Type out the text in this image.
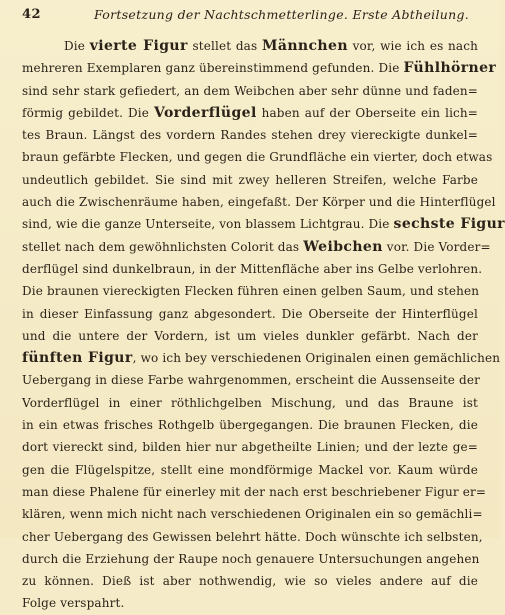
42	Fortsetzung der Nachtschmetterlinge. Erste Abtheilung.
Die vierte Figur stellet das Männchen vor, wie ich es nach
mehreren Exemplaren ganz übereinstimmend gefunden. Die Fühlhörner
sind sehr stark gefiedert, an dem Weibchen aber sehr dünne und faden=
förmig gebildet. Die Vorderflügel haben auf der Oberseite ein lich=
tes Braun. Längst des vordern Randes stehen drey viereckigte dunkel=
braun gefärbte Flecken, und gegen die Grundfläche ein vierter, doch etwas
undeutlich gebildet. Sie sind mit zwey helleren Streifen, welche Farbe
auch die Zwischenräume haben, eingefaßt. Der Körper und die Hinterflügel
sind, wie die ganze Unterseite, von blassem Lichtgrau. Die sechste Figur
stellet nach dem gewöhnlichsten Colorit das Weibchen vor. Die Vorder=
derflügel sind dunkelbraun, in der Mittenfläche aber ins Gelbe verlohren.
Die braunen viereckigten Flecken führen einen gelben Saum, und stehen
in dieser Einfassung ganz abgesondert. Die Oberseite der Hinterflügel
und die untere der Vordern, ist um vieles dunkler gefärbt. Nach der
fünften Figur, wo ich bey verschiedenen Originalen einen gemächlichen
Uebergang in diese Farbe wahrgenommen, erscheint die Aussenseite der
Vorderflügel in einer röthlichgelben Mischung, und das Braune ist
in ein etwas frisches Rothgelb übergegangen. Die braunen Flecken, die
dort viereckt sind, bilden hier nur abgetheilte Linien; und der lezte ge=
gen die Flügelspitze, stellt eine mondförmige Mackel vor. Kaum würde
man diese Phalene für einerley mit der nach erst beschriebener Figur er=
klären, wenn mich nicht nach verschiedenen Originalen ein so gemächli=
cher Uebergang des Gewissen belehrt hätte. Doch wünschte ich selbsten,
durch die Erziehung der Raupe noch genauere Untersuchungen angehen
zu können. Dieß ist aber nothwendig, wie so vieles andere auf die
Folge verspahrt.
